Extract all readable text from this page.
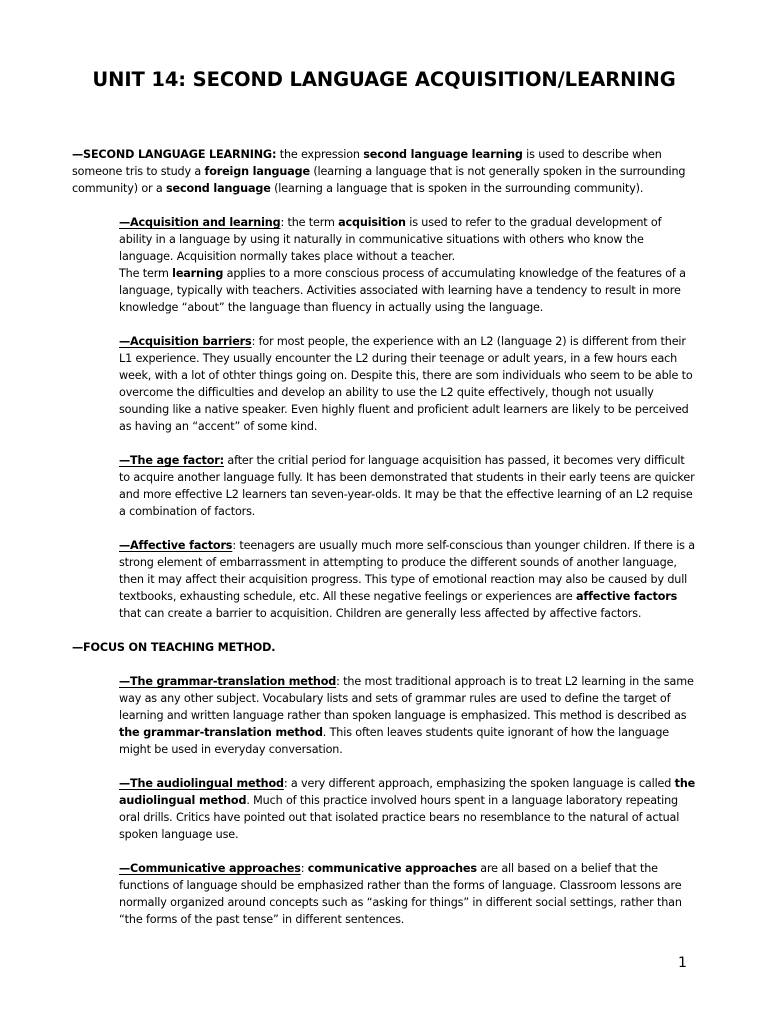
UNIT 14: SECOND LANGUAGE ACQUISITION/LEARNING

—SECOND LANGUAGE LEARNING: the expression second language learning is used to describe when someone tris to study a foreign language (learning a language that is not generally spoken in the surrounding community) or a second language (learning a language that is spoken in the surrounding community).

—Acquisition and learning: the term acquisition is used to refer to the gradual development of ability in a language by using it naturally in communicative situations with others who know the language. Acquisition normally takes place without a teacher.
The term learning applies to a more conscious process of accumulating knowledge of the features of a language, typically with teachers. Activities associated with learning have a tendency to result in more knowledge “about” the language than fluency in actually using the language.

—Acquisition barriers: for most people, the experience with an L2 (language 2) is different from their L1 experience. They usually encounter the L2 during their teenage or adult years, in a few hours each week, with a lot of othter things going on. Despite this, there are som individuals who seem to be able to overcome the difficulties and develop an ability to use the L2 quite effectively, though not usually sounding like a native speaker. Even highly fluent and proficient adult learners are likely to be perceived as having an “accent” of some kind.

—The age factor: after the critial period for language acquisition has passed, it becomes very difficult to acquire another language fully. It has been demonstrated that students in their early teens are quicker and more effective L2 learners tan seven-year-olds. It may be that the effective learning of an L2 requise a combination of factors.

—Affective factors: teenagers are usually much more self-conscious than younger children. If there is a strong element of embarrassment in attempting to produce the different sounds of another language, then it may affect their acquisition progress. This type of emotional reaction may also be caused by dull textbooks, exhausting schedule, etc. All these negative feelings or experiences are affective factors that can create a barrier to acquisition. Children are generally less affected by affective factors.

—FOCUS ON TEACHING METHOD.

—The grammar-translation method: the most traditional approach is to treat L2 learning in the same way as any other subject. Vocabulary lists and sets of grammar rules are used to define the target of learning and written language rather than spoken language is emphasized. This method is described as the grammar-translation method. This often leaves students quite ignorant of how the language might be used in everyday conversation.

—The audiolingual method: a very different approach, emphasizing the spoken language is called the audiolingual method. Much of this practice involved hours spent in a language laboratory repeating oral drills. Critics have pointed out that isolated practice bears no resemblance to the natural of actual spoken language use.

—Communicative approaches: communicative approaches are all based on a belief that the functions of language should be emphasized rather than the forms of language. Classroom lessons are normally organized around concepts such as “asking for things” in different social settings, rather than “the forms of the past tense” in different sentences.

1
